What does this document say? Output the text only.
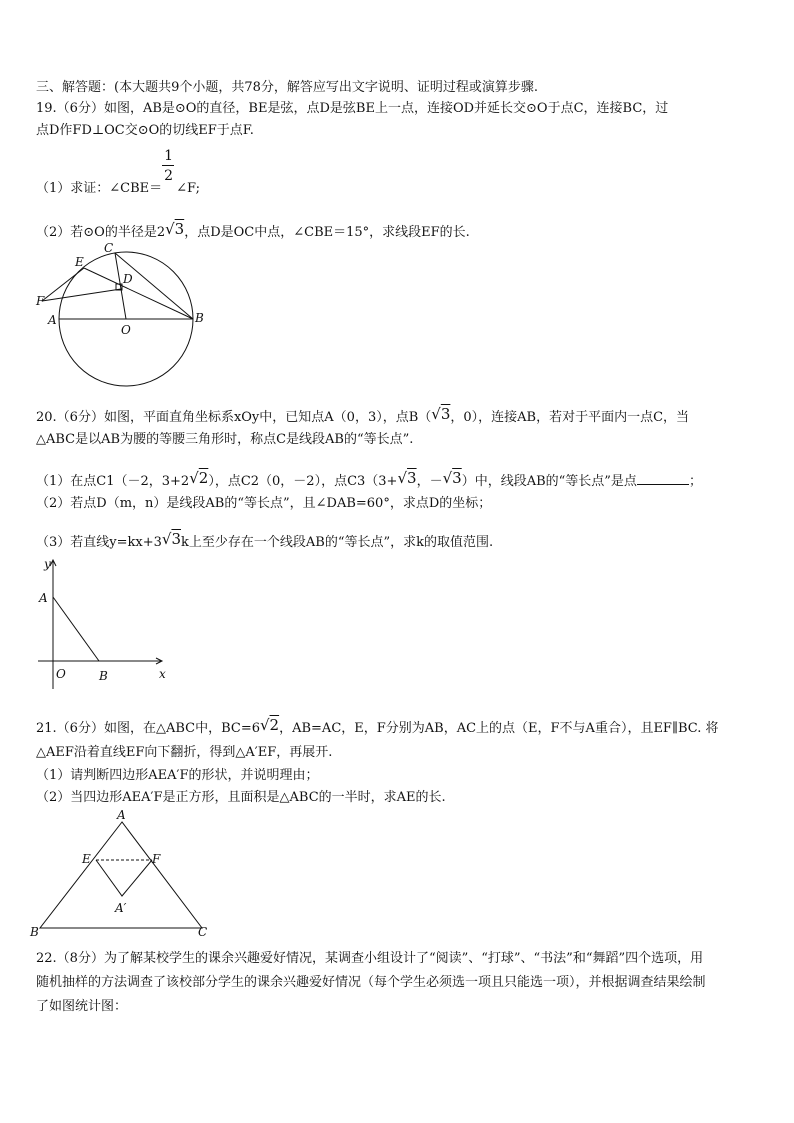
三、解答题：(本大题共9个小题，共78分，解答应写出文字说明、证明过程或演算步骤.
19.（6分）如图，AB是⊙O的直径，BE是弦，点D是弦BE上一点，连接OD并延长交⊙O于点C，连接BC，过
点D作FD⊥OC交⊙O的切线EF于点F.
（1）求证：∠CBE＝ $\frac{1}{2}$ ∠F;
（2）若⊙O的半径是2√3，点D是OC中点，∠CBE＝15°，求线段EF的长.
C
E
D
F
A
O
B
20.（6分）如图，平面直角坐标系xOy中，已知点A（0，3），点B（√3，0），连接AB，若对于平面内一点C，当
△ABC是以AB为腰的等腰三角形时，称点C是线段AB的“等长点”.
（1）在点C1（－2，3+2√2），点C2（0，－2），点C3（3+√3，－√3）中，线段AB的“等长点”是点	；
（2）若点D（m，n）是线段AB的“等长点”，且∠DAB=60°，求点D的坐标；
（3）若直线y=kx+3√3k上至少存在一个线段AB的“等长点”，求k的取值范围.
y
A
O	B	x
21.（6分）如图，在△ABC中，BC=6√2，AB=AC，E，F分别为AB，AC上的点（E，F不与A重合），且EF∥BC. 将
△AEF沿着直线EF向下翻折，得到△A′EF，再展开.
（1）请判断四边形AEA′F的形状，并说明理由；
（2）当四边形AEA′F是正方形，且面积是△ABC的一半时，求AE的长.
A
E	F
A′
B	C
22.（8分）为了解某校学生的课余兴趣爱好情况，某调查小组设计了“阅读”、“打球”、“书法”和“舞蹈”四个选项，用
随机抽样的方法调查了该校部分学生的课余兴趣爱好情况（每个学生必须选一项且只能选一项），并根据调查结果绘制
了如图统计图：
